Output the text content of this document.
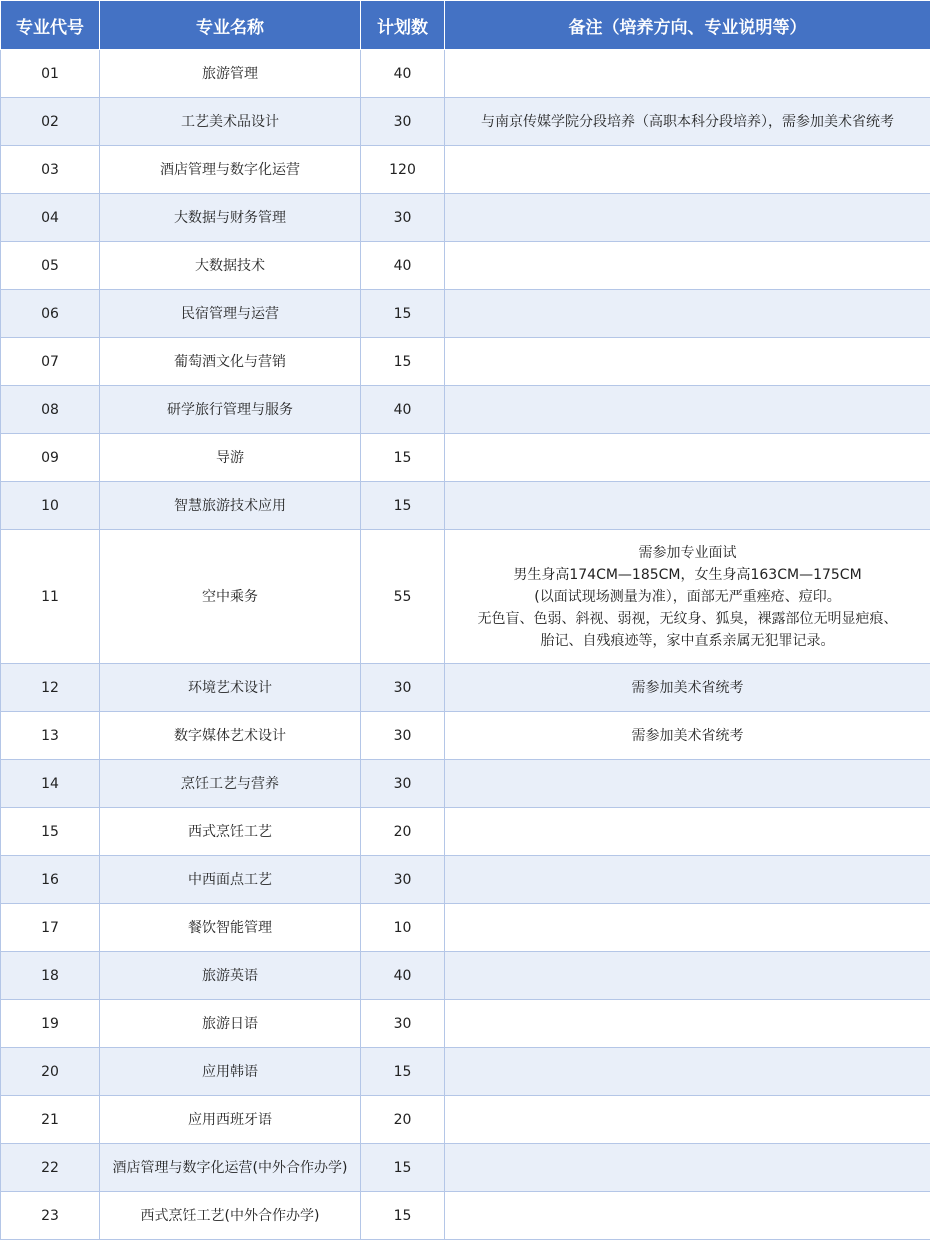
专业代号	专业名称	计划数	备注（培养方向、专业说明等）
01	旅游管理	40	
02	工艺美术品设计	30	与南京传媒学院分段培养（高职本科分段培养），需参加美术省统考

03	酒店管理与数字化运营	120	
04	大数据与财务管理	30	
05	大数据技术	40	
06	民宿管理与运营	15	
07	葡萄酒文化与营销	15	
08	研学旅行管理与服务	40	
09	导游	15	
10	智慧旅游技术应用	15	
11	空中乘务	55	需参加专业面试
男生身高174CM—185CM，女生身高163CM—175CM
(以面试现场测量为准），面部无严重痤疮、痘印。
无色盲、色弱、斜视、弱视，无纹身、狐臭，裸露部位无明显疤痕、
胎记、自残痕迹等，家中直系亲属无犯罪记录。

12	环境艺术设计	30	需参加美术省统考

13	数字媒体艺术设计	30	需参加美术省统考

14	烹饪工艺与营养	30	
15	西式烹饪工艺	20	
16	中西面点工艺	30	
17	餐饮智能管理	10	
18	旅游英语	40	
19	旅游日语	30	
20	应用韩语	15	
21	应用西班牙语	20	
22	酒店管理与数字化运营(中外合作办学)	15	
23	西式烹饪工艺(中外合作办学)	15	
